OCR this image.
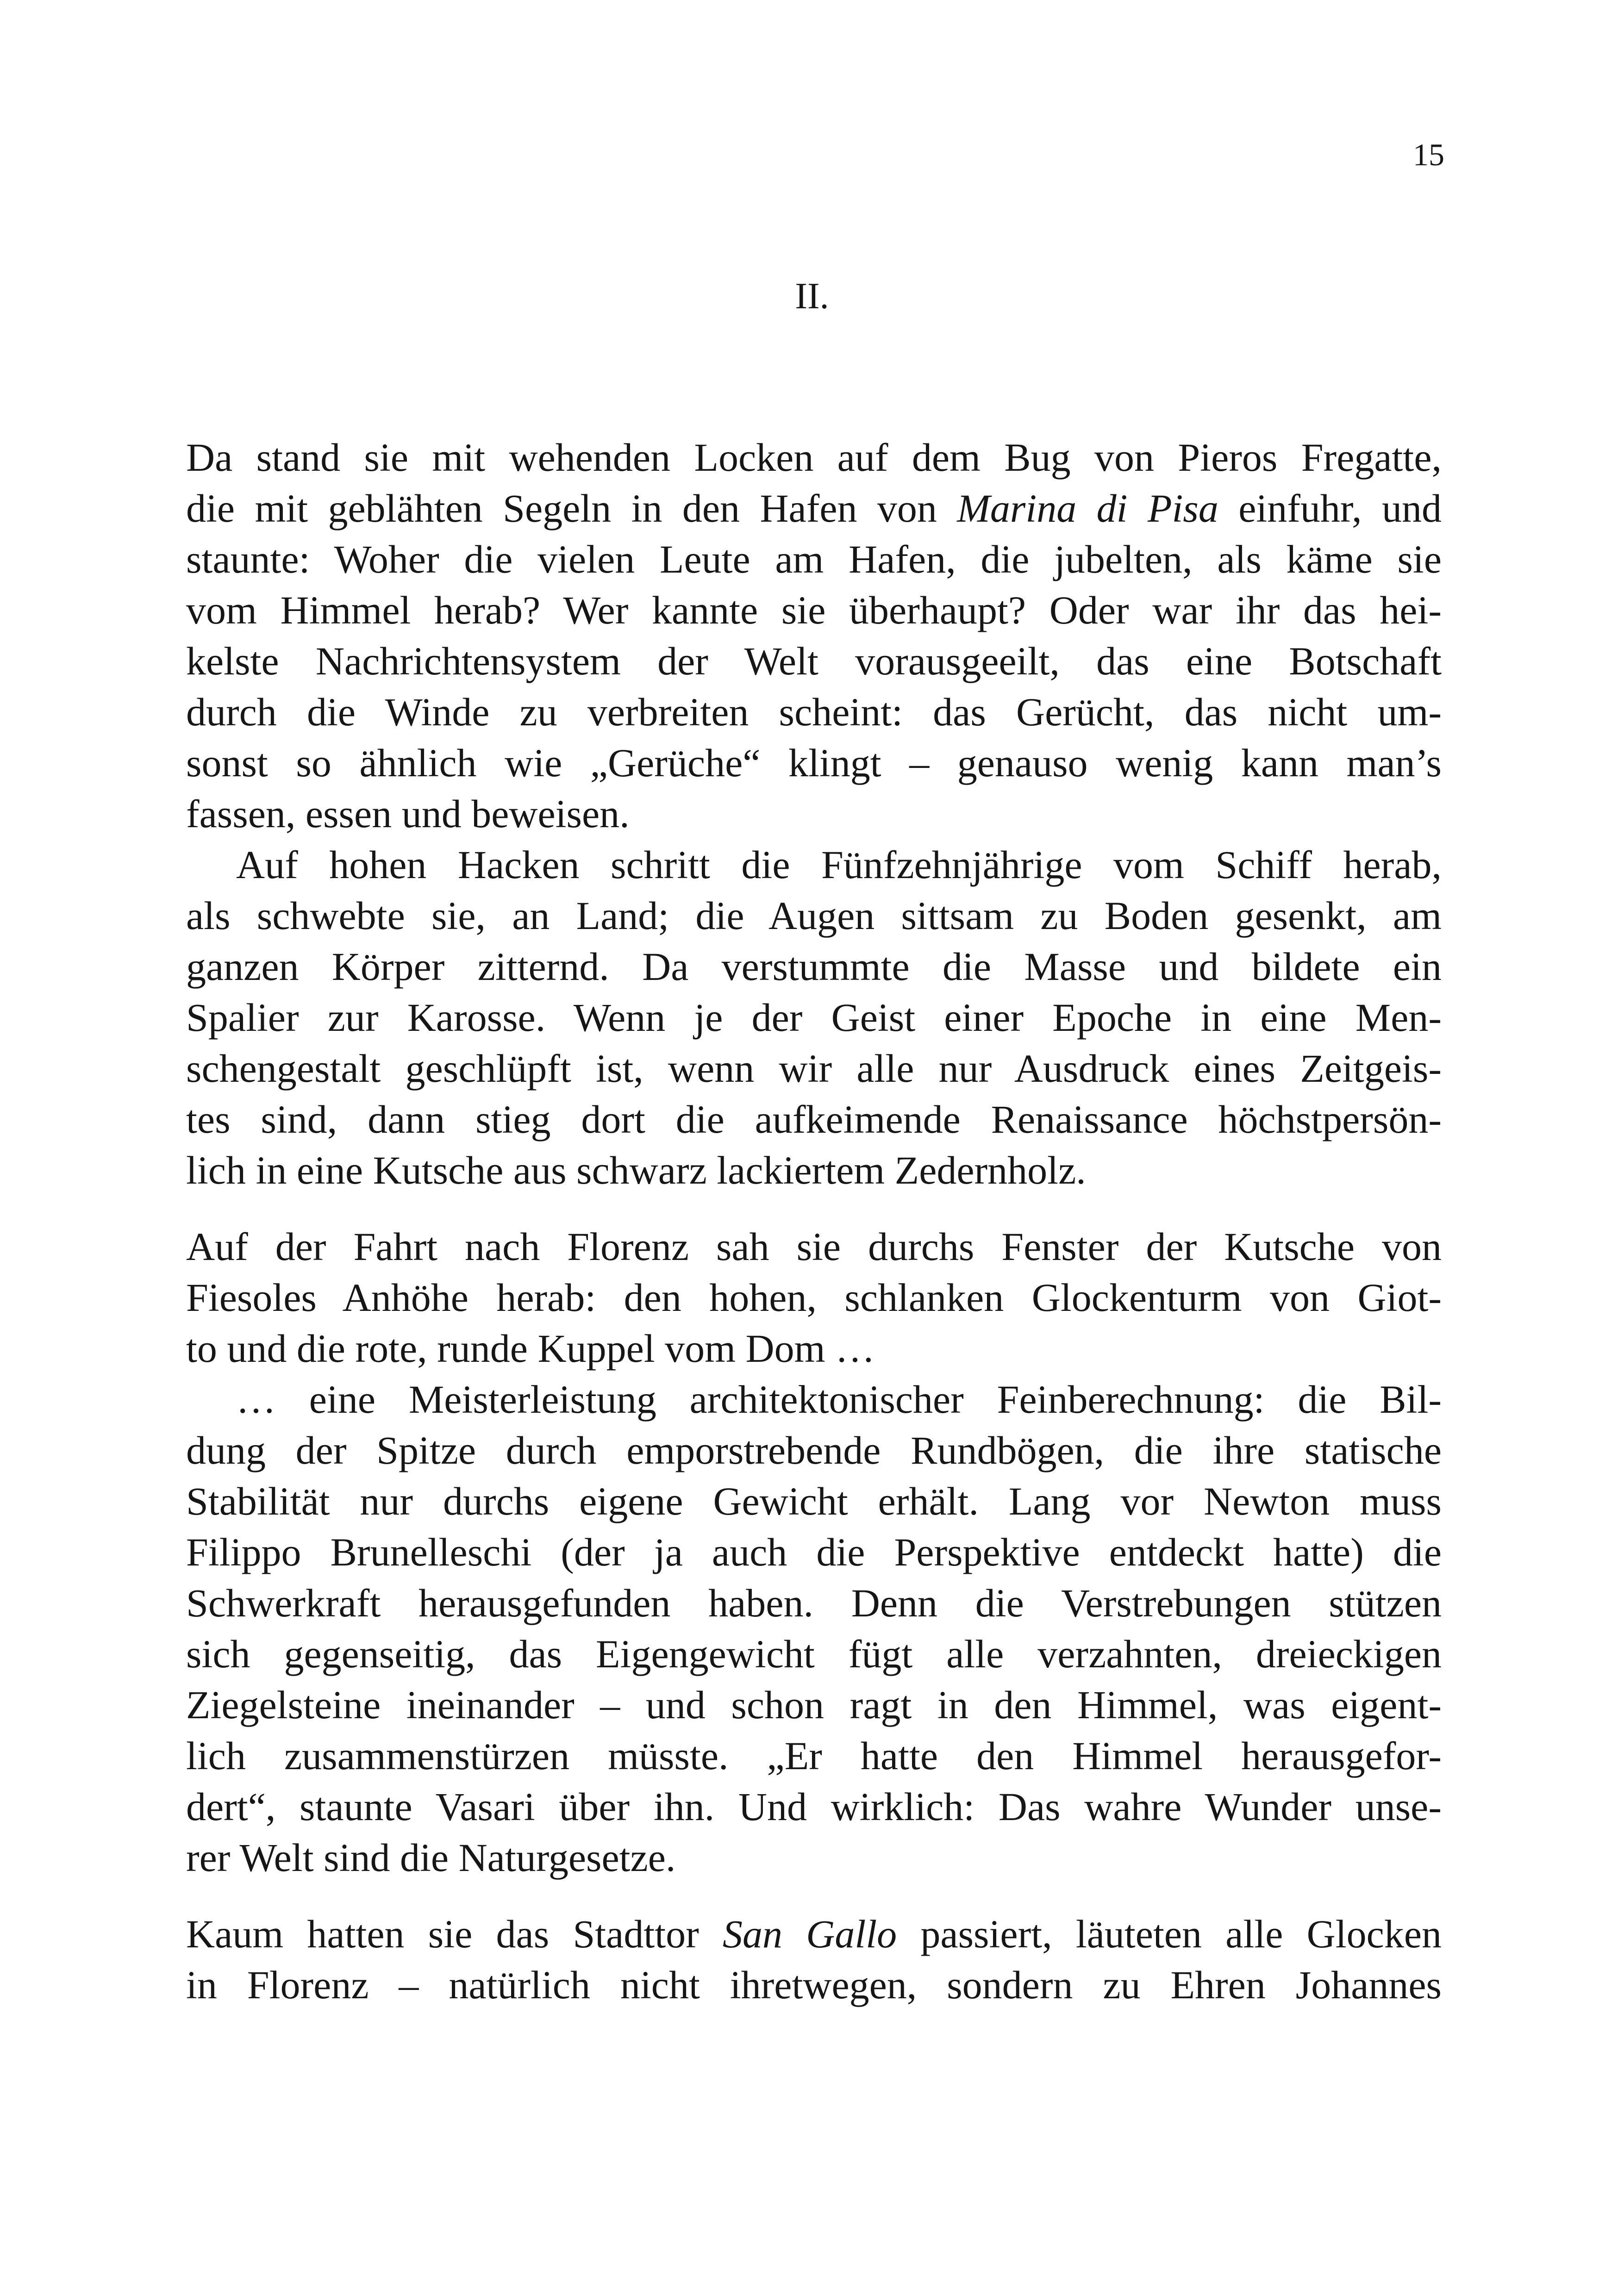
15
II.

Da stand sie mit wehenden Locken auf dem Bug von Pieros Fregatte,
die mit geblähten Segeln in den Hafen von Marina di Pisa einfuhr, und
staunte: Woher die vielen Leute am Hafen, die jubelten, als käme sie
vom Himmel herab? Wer kannte sie überhaupt? Oder war ihr das hei-
kelste Nachrichtensystem der Welt vorausgeeilt, das eine Botschaft
durch die Winde zu verbreiten scheint: das Gerücht, das nicht um-
sonst so ähnlich wie „Gerüche“ klingt – genauso wenig kann man’s
fassen, essen und beweisen.
Auf hohen Hacken schritt die Fünfzehnjährige vom Schiff herab,
als schwebte sie, an Land; die Augen sittsam zu Boden gesenkt, am
ganzen Körper zitternd. Da verstummte die Masse und bildete ein
Spalier zur Karosse. Wenn je der Geist einer Epoche in eine Men-
schengestalt geschlüpft ist, wenn wir alle nur Ausdruck eines Zeitgeis-
tes sind, dann stieg dort die aufkeimende Renaissance höchstpersön-
lich in eine Kutsche aus schwarz lackiertem Zedernholz.

Auf der Fahrt nach Florenz sah sie durchs Fenster der Kutsche von
Fiesoles Anhöhe herab: den hohen, schlanken Glockenturm von Giot-
to und die rote, runde Kuppel vom Dom …
… eine Meisterleistung architektonischer Feinberechnung: die Bil-
dung der Spitze durch emporstrebende Rundbögen, die ihre statische
Stabilität nur durchs eigene Gewicht erhält. Lang vor Newton muss
Filippo Brunelleschi (der ja auch die Perspektive entdeckt hatte) die
Schwerkraft herausgefunden haben. Denn die Verstrebungen stützen
sich gegenseitig, das Eigengewicht fügt alle verzahnten, dreieckigen
Ziegelsteine ineinander – und schon ragt in den Himmel, was eigent-
lich zusammenstürzen müsste. „Er hatte den Himmel herausgefor-
dert“, staunte Vasari über ihn. Und wirklich: Das wahre Wunder unse-
rer Welt sind die Naturgesetze.

Kaum hatten sie das Stadttor San Gallo passiert, läuteten alle Glocken
in Florenz – natürlich nicht ihretwegen, sondern zu Ehren Johannes
